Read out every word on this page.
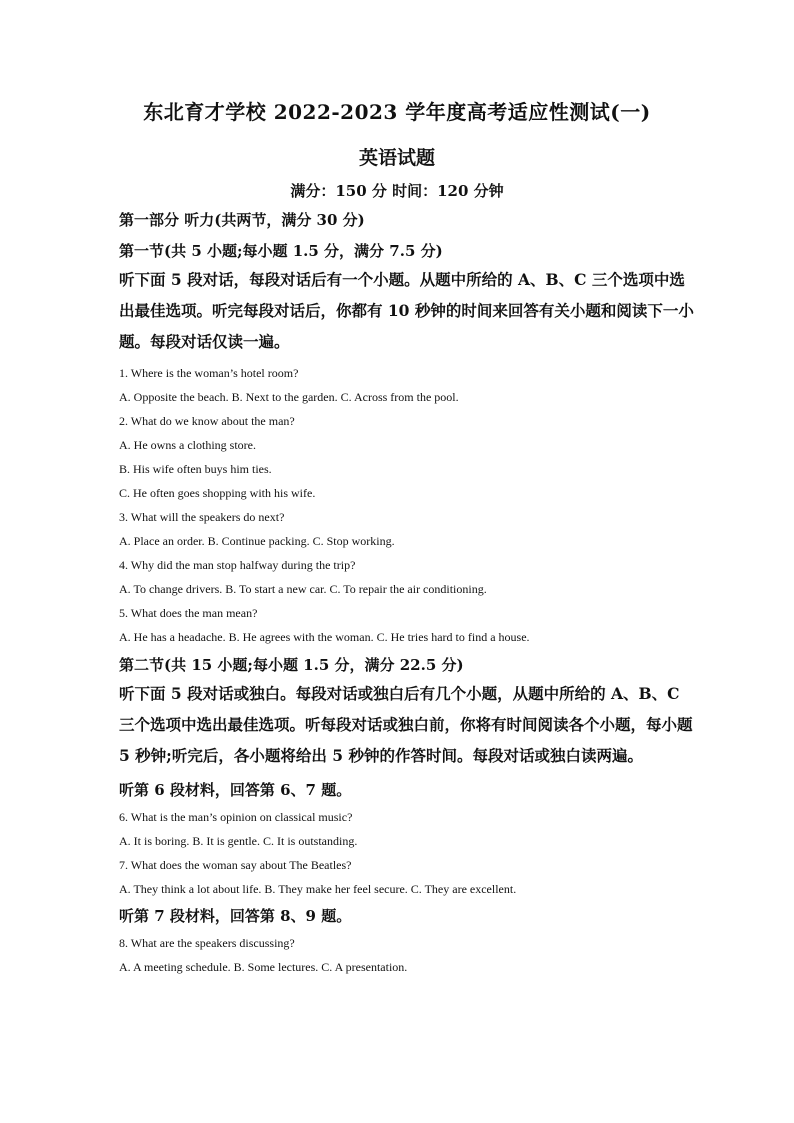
东北育才学校 2022-2023 学年度高考适应性测试(一)
英语试题
满分：150 分 时间：120 分钟
第一部分 听力(共两节，满分 30 分)
第一节(共 5 小题;每小题 1.5 分，满分 7.5 分)
听下面 5 段对话，每段对话后有一个小题。从题中所给的 A、B、C 三个选项中选出最佳选项。听完每段对话后，你都有 10 秒钟的时间来回答有关小题和阅读下一小题。每段对话仅读一遍。
1. Where is the woman’s hotel room?
A. Opposite the beach. B. Next to the garden. C. Across from the pool.
2. What do we know about the man?
A. He owns a clothing store.
B. His wife often buys him ties.
C. He often goes shopping with his wife.
3. What will the speakers do next?
A. Place an order. B. Continue packing. C. Stop working.
4. Why did the man stop halfway during the trip?
A. To change drivers. B. To start a new car. C. To repair the air conditioning.
5. What does the man mean?
A. He has a headache. B. He agrees with the woman. C. He tries hard to find a house.
第二节(共 15 小题;每小题 1.5 分，满分 22.5 分)
听下面 5 段对话或独白。每段对话或独白后有几个小题，从题中所给的 A、B、C 三个选项中选出最佳选项。听每段对话或独白前，你将有时间阅读各个小题，每小题 5 秒钟;听完后，各小题将给出 5 秒钟的作答时间。每段对话或独白读两遍。
听第 6 段材料，回答第 6、7 题。
6. What is the man’s opinion on classical music?
A. It is boring. B. It is gentle. C. It is outstanding.
7. What does the woman say about The Beatles?
A. They think a lot about life. B. They make her feel secure. C. They are excellent.
听第 7 段材料，回答第 8、9 题。
8. What are the speakers discussing?
A. A meeting schedule. B. Some lectures. C. A presentation.
